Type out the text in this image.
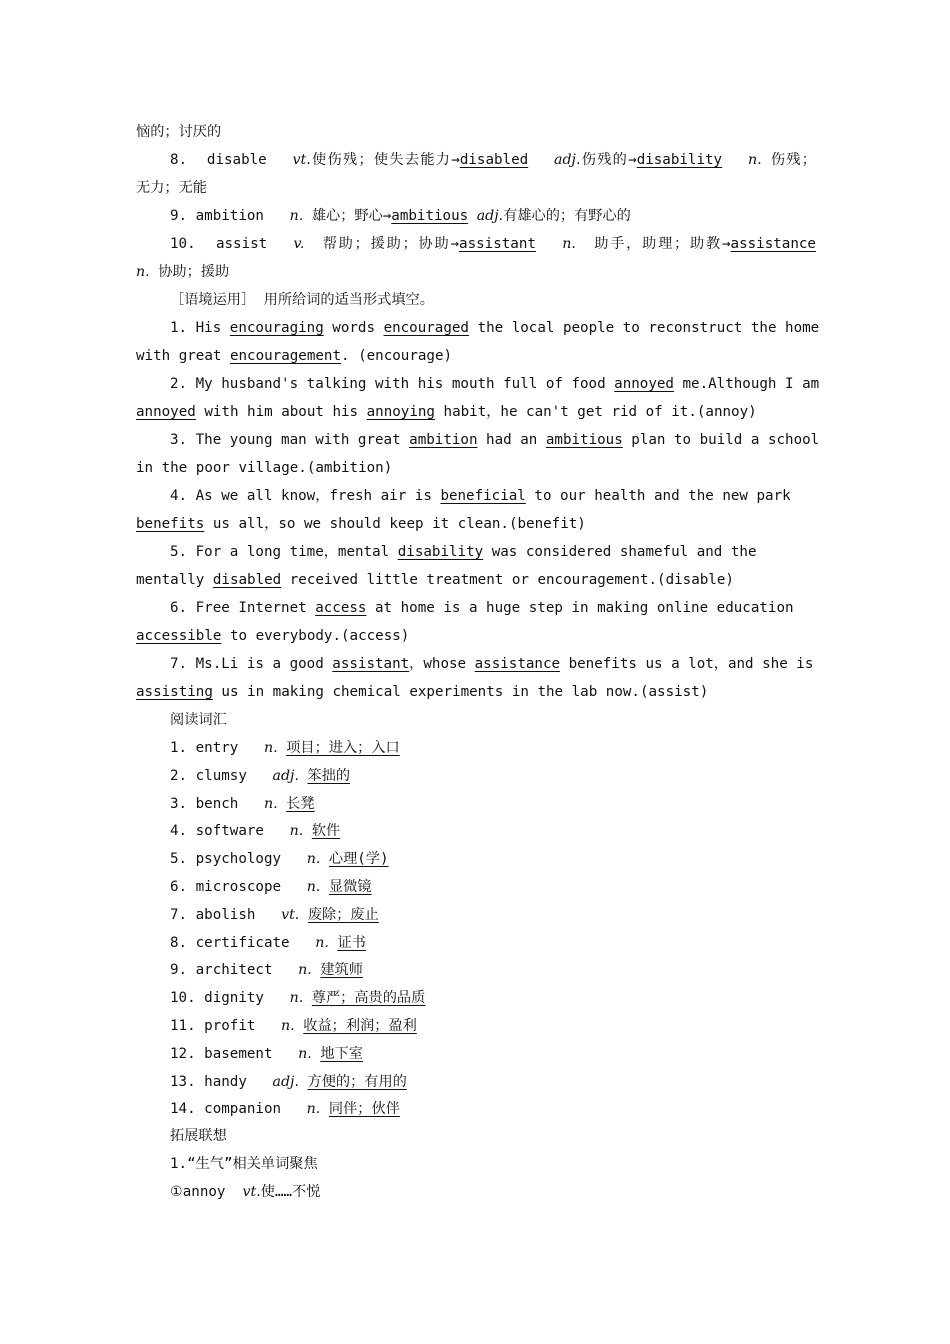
恼的；讨厌的
8. disable vt.使伤残；使失去能力→disabled adj.伤残的→disability n. 伤残；
无力；无能
9. ambition n. 雄心；野心→ambitious adj.有雄心的；有野心的
10. assist v. 帮助；援助；协助→assistant n. 助手，助理；助教→assistance
n. 协助；援助
［语境运用］ 用所给词的适当形式填空。
1. His encouraging words encouraged the local people to reconstruct the home
with great encouragement. (encourage)
2. My husband's talking with his mouth full of food annoyed me.Although I am
annoyed with him about his annoying habit，he can't get rid of it.(annoy)
3. The young man with great ambition had an ambitious plan to build a school
in the poor village.(ambition)
4. As we all know，fresh air is beneficial to our health and the new park
benefits us all，so we should keep it clean.(benefit)
5. For a long time，mental disability was considered shameful and the
mentally disabled received little treatment or encouragement.(disable)
6. Free Internet access at home is a huge step in making online education
accessible to everybody.(access)
7. Ms.Li is a good assistant，whose assistance benefits us a lot，and she is
assisting us in making chemical experiments in the lab now.(assist)
阅读词汇
1. entry n. 项目；进入；入口
2. clumsy adj. 笨拙的
3. bench n. 长凳
4. software n. 软件
5. psychology n. 心理(学)
6. microscope n. 显微镜
7. abolish vt. 废除；废止
8. certificate n. 证书
9. architect n. 建筑师
10. dignity n. 尊严；高贵的品质
11. profit n. 收益；利润；盈利
12. basement n. 地下室
13. handy adj. 方便的；有用的
14. companion n. 同伴；伙伴
拓展联想
1.“生气”相关单词聚焦
①annoy vt.使……不悦
